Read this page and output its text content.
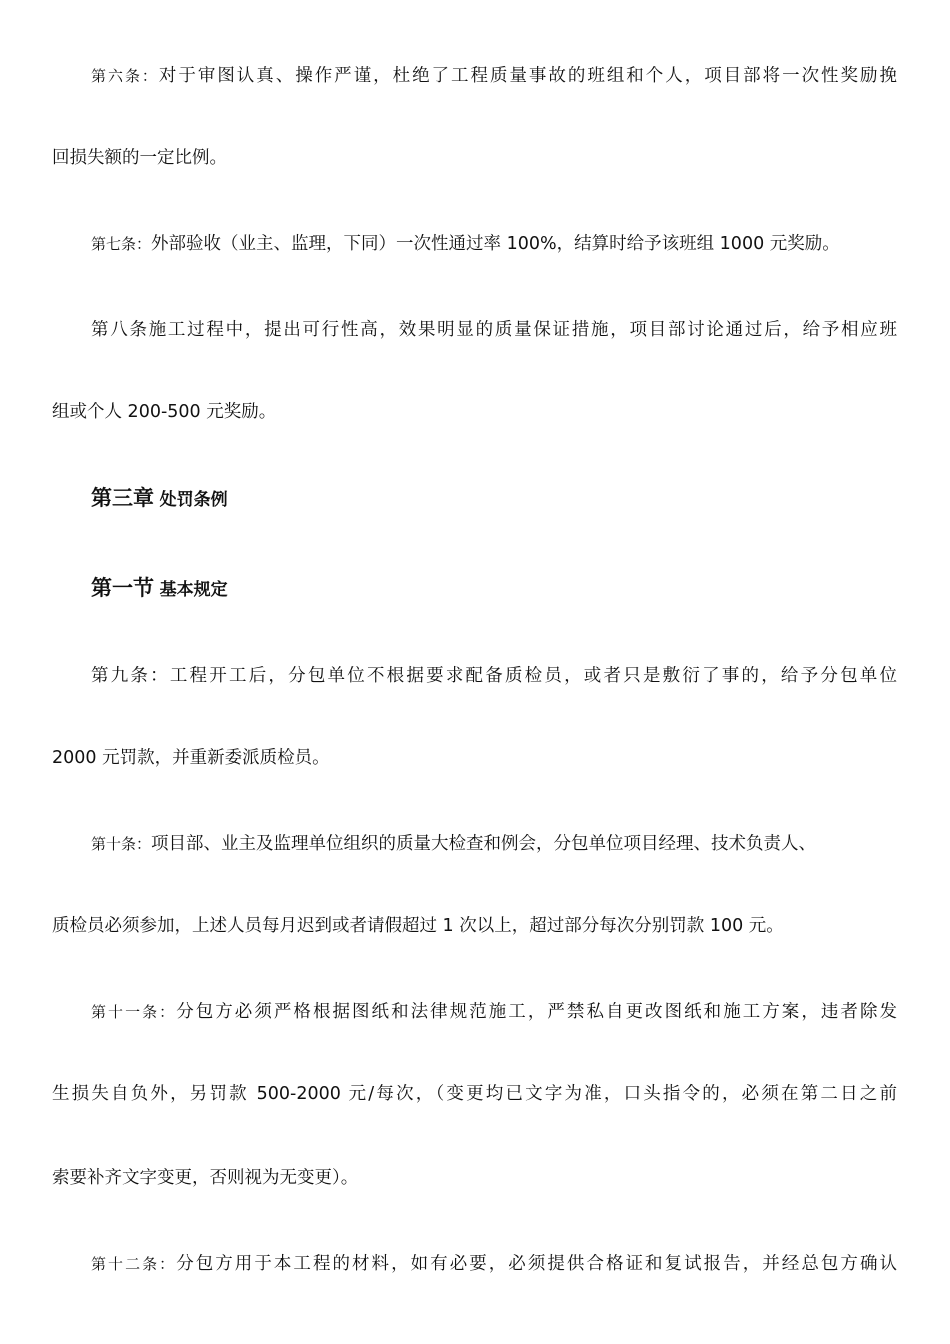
第六条：对于审图认真、操作严谨，杜绝了工程质量事故的班组和个人，项目部将一次性奖励挽
回损失额的一定比例。
第七条：外部验收（业主、监理，下同）一次性通过率 100%，结算时给予该班组 1000 元奖励。
第八条施工过程中，提出可行性高，效果明显的质量保证措施，项目部讨论通过后，给予相应班
组或个人 200-500 元奖励。
第三章 处罚条例
第一节 基本规定
第九条：工程开工后，分包单位不根据要求配备质检员，或者只是敷衍了事的，给予分包单位
2000 元罚款，并重新委派质检员。
第十条：项目部、业主及监理单位组织的质量大检查和例会，分包单位项目经理、技术负责人、
质检员必须参加，上述人员每月迟到或者请假超过 1 次以上，超过部分每次分别罚款 100 元。
第十一条：分包方必须严格根据图纸和法律规范施工，严禁私自更改图纸和施工方案，违者除发
生损失自负外，另罚款 500-2000 元/每次，（变更均已文字为准，口头指令的，必须在第二日之前
索要补齐文字变更，否则视为无变更）。
第十二条：分包方用于本工程的材料，如有必要，必须提供合格证和复试报告，并经总包方确认
